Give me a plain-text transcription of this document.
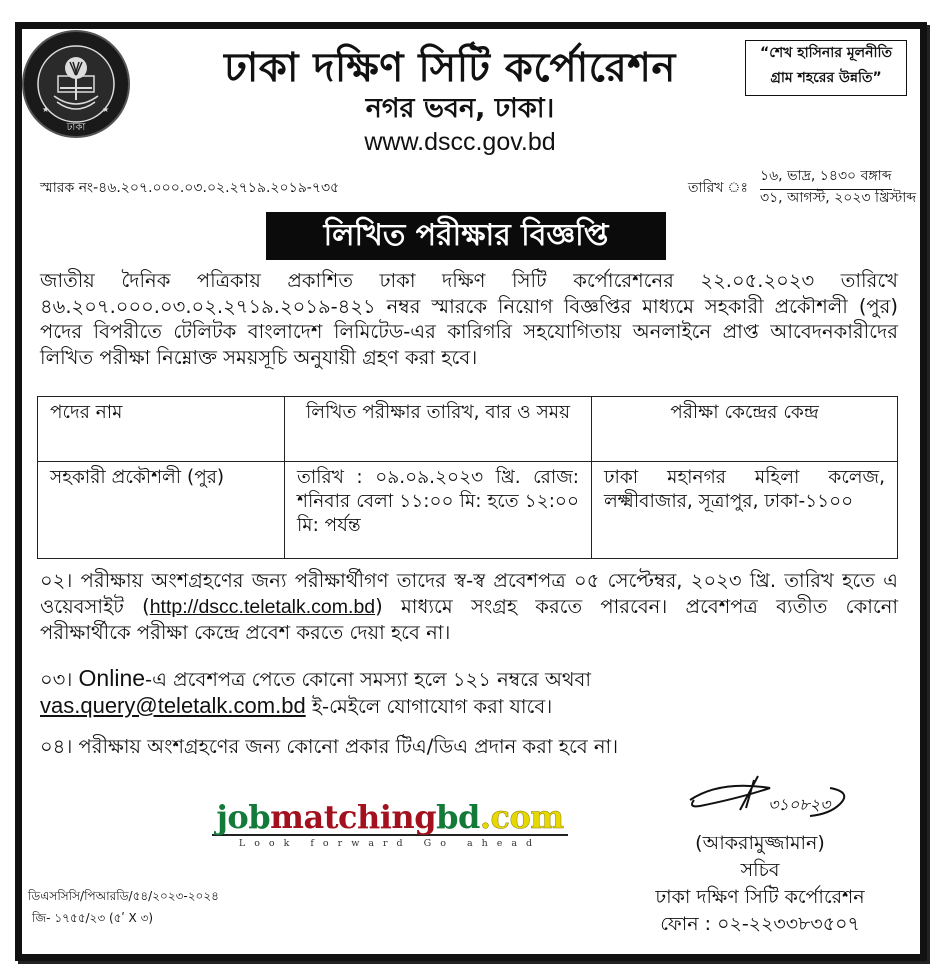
★	★
ঢাকা
ঢাকা দক্ষিণ সিটি কর্পোরেশন
নগর ভবন, ঢাকা।
www.dscc.gov.bd
“শেখ হাসিনার মূলনীতি
গ্রাম শহরের উন্নতি”
স্মারক নং-৪৬.২০৭.০০০.০৩.০২.২৭১৯.২০১৯-৭৩৫	তারিখ ঃ
১৬, ভাদ্র, ১৪৩০ বঙ্গাব্দ
৩১, আগস্ট, ২০২৩ খ্রিস্টাব্দ
লিখিত পরীক্ষার বিজ্ঞপ্তি
জাতীয় দৈনিক পত্রিকায় প্রকাশিত ঢাকা দক্ষিণ সিটি কর্পোরেশনের ২২.০৫.২০২৩ তারিখে ৪৬.২০৭.০০০.০৩.০২.২৭১৯.২০১৯-৪২১ নম্বর স্মারকে নিয়োগ বিজ্ঞপ্তির মাধ্যমে সহকারী প্রকৌশলী (পুর) পদের বিপরীতে টেলিটক বাংলাদেশ লিমিটেড-এর কারিগরি সহযোগিতায় অনলাইনে প্রাপ্ত আবেদনকারীদের লিখিত পরীক্ষা নিম্নোক্ত সময়সূচি অনুযায়ী গ্রহণ করা হবে।
পদের নাম	লিখিত পরীক্ষার তারিখ, বার ও সময়	পরীক্ষা কেন্দ্রের কেন্দ্র
সহকারী প্রকৌশলী (পুর)	তারিখ : ০৯.০৯.২০২৩ খ্রি. রোজ: শনিবার বেলা ১১:০০ মি: হতে ১২:০০ মি: পর্যন্ত	ঢাকা মহানগর মহিলা কলেজ, লক্ষ্মীবাজার, সূত্রাপুর, ঢাকা-১১০০
০২। পরীক্ষায় অংশগ্রহণের জন্য পরীক্ষার্থীগণ তাদের স্ব-স্ব প্রবেশপত্র ০৫ সেপ্টেম্বর, ২০২৩ খ্রি. তারিখ হতে এ ওয়েবসাইট (http://dscc.teletalk.com.bd) মাধ্যমে সংগ্রহ করতে পারবেন। প্রবেশপত্র ব্যতীত কোনো পরীক্ষার্থীকে পরীক্ষা কেন্দ্রে প্রবেশ করতে দেয়া হবে না।
০৩। Online-এ প্রবেশপত্র পেতে কোনো সমস্যা হলে ১২১ নম্বরে অথবা
vas.query@teletalk.com.bd ই-মেইলে যোগাযোগ করা যাবে।
০৪। পরীক্ষায় অংশগ্রহণের জন্য কোনো প্রকার টিএ/ডিএ প্রদান করা হবে না।
jobmatchingbd.com
Look forward Go ahead
ডিএসসিসি/পিআরডি/৫৪/২০২৩-২০২৪
জি- ১৭৫৫/২৩ (৫ʹ X ৩)
৩১০৮২৩
(আকরামুজ্জামান)
সচিব
ঢাকা দক্ষিণ সিটি কর্পোরেশন
ফোন : ০২-২২৩৩৮৩৫০৭
